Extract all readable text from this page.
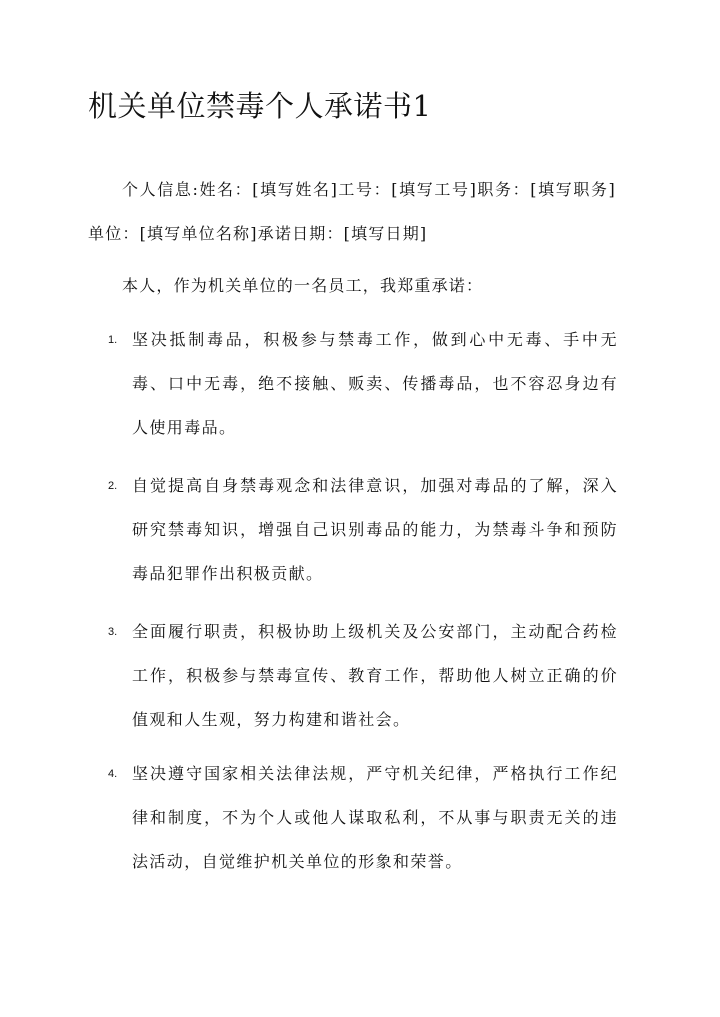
机关单位禁毒个人承诺书1

个人信息:姓名：[填写姓名]工号：[填写工号]职务：[填写职务]单位：[填写单位名称]承诺日期：[填写日期]

本人，作为机关单位的一名员工，我郑重承诺：

1. 坚决抵制毒品，积极参与禁毒工作，做到心中无毒、手中无毒、口中无毒，绝不接触、贩卖、传播毒品，也不容忍身边有人使用毒品。
2. 自觉提高自身禁毒观念和法律意识，加强对毒品的了解，深入研究禁毒知识，增强自己识别毒品的能力，为禁毒斗争和预防毒品犯罪作出积极贡献。
3. 全面履行职责，积极协助上级机关及公安部门，主动配合药检工作，积极参与禁毒宣传、教育工作，帮助他人树立正确的价值观和人生观，努力构建和谐社会。
4. 坚决遵守国家相关法律法规，严守机关纪律，严格执行工作纪律和制度，不为个人或他人谋取私利，不从事与职责无关的违法活动，自觉维护机关单位的形象和荣誉。
